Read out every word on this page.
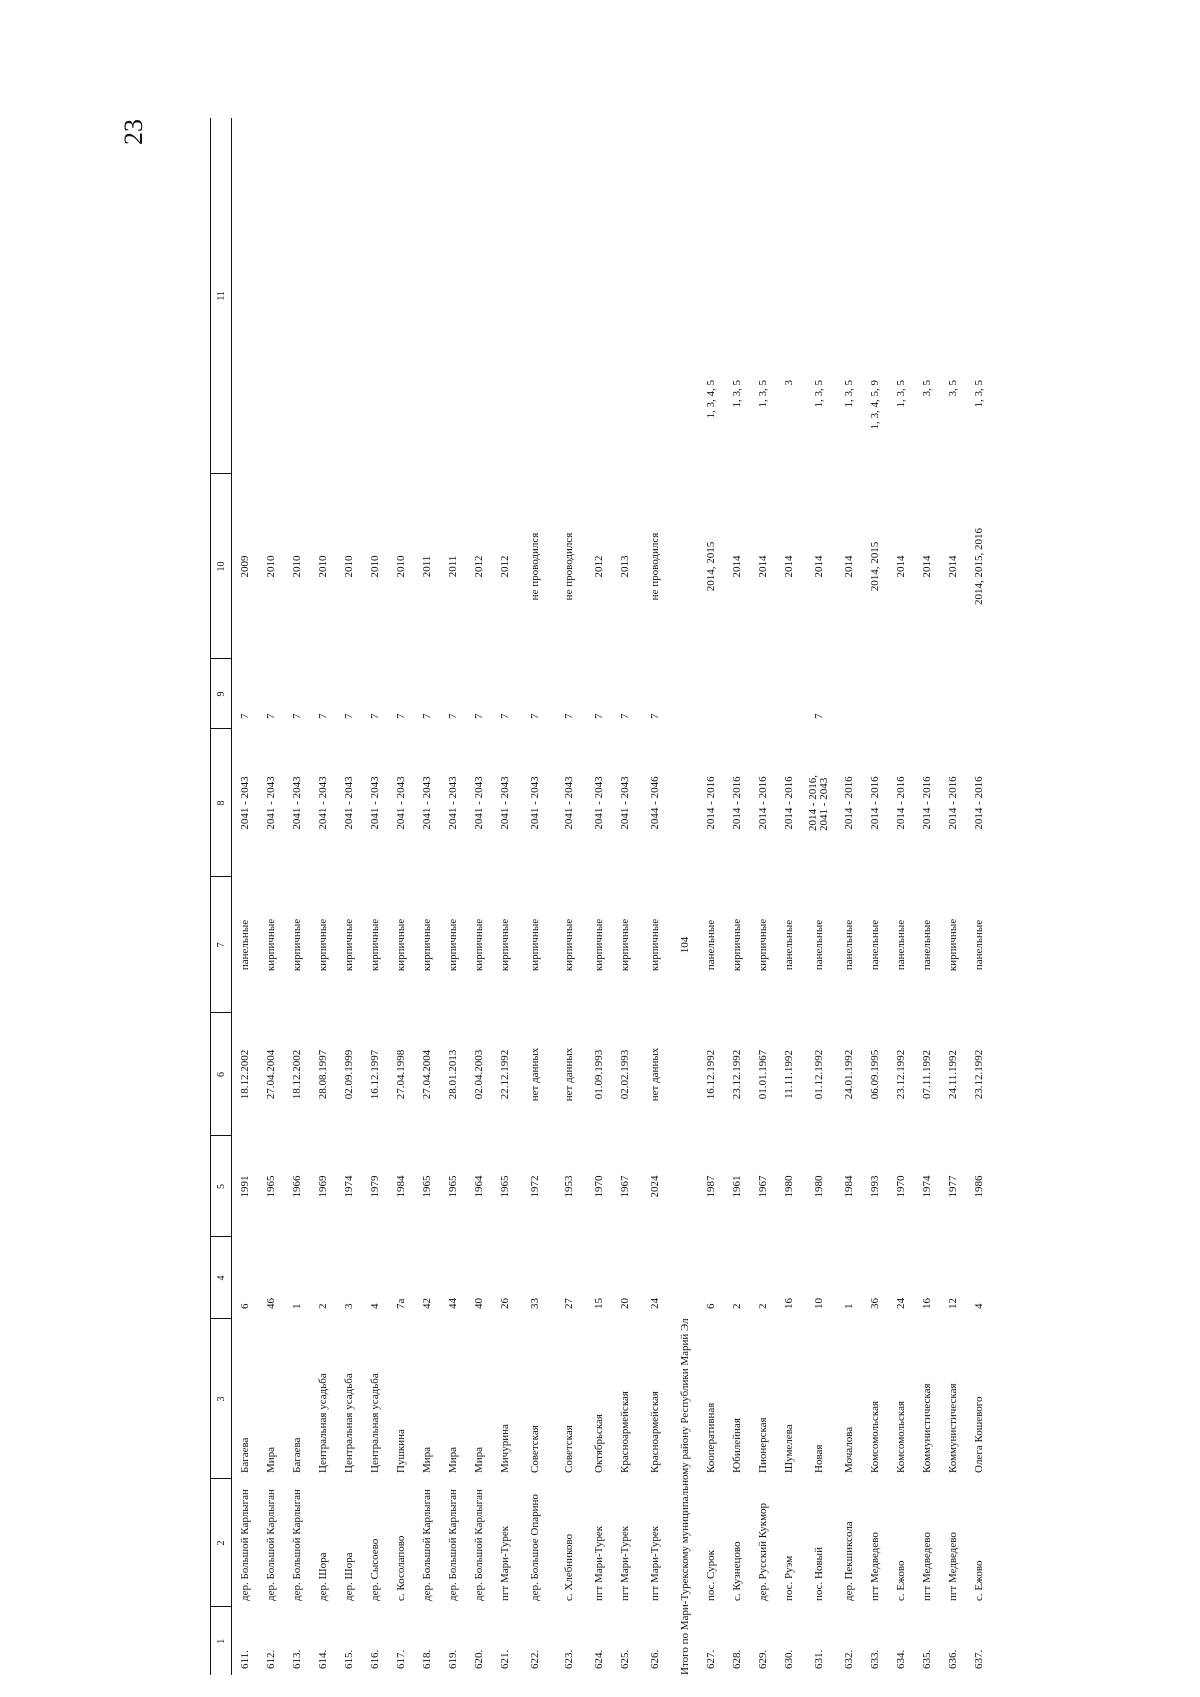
23
1	2	3	4	5	6	7	8	9	10	11
611.	дер. Большой Карлыган	Багаева	6	1991	18.12.2002	панельные	2041 - 2043	7	2009	
612.	дер. Большой Карлыган	Мира	46	1965	27.04.2004	кирпичные	2041 - 2043	7	2010	
613.	дер. Большой Карлыган	Багаева	1	1966	18.12.2002	кирпичные	2041 - 2043	7	2010	
614.	дер. Шора	Центральная усадьба	2	1969	28.08.1997	кирпичные	2041 - 2043	7	2010	
615.	дер. Шора	Центральная усадьба	3	1974	02.09.1999	кирпичные	2041 - 2043	7	2010	
616.	дер. Сысоево	Центральная усадьба	4	1979	16.12.1997	кирпичные	2041 - 2043	7	2010	
617.	с. Косолапово	Пушкина	7а	1984	27.04.1998	кирпичные	2041 - 2043	7	2010	
618.	дер. Большой Карлыган	Мира	42	1965	27.04.2004	кирпичные	2041 - 2043	7	2011	
619.	дер. Большой Карлыган	Мира	44	1965	28.01.2013	кирпичные	2041 - 2043	7	2011	
620.	дер. Большой Карлыган	Мира	40	1964	02.04.2003	кирпичные	2041 - 2043	7	2012	
621.	пгт Мари-Турек	Мичурина	26	1965	22.12.1992	кирпичные	2041 - 2043	7	2012	
622.	дер. Большое Опарино	Советская	33	1972	нет данных	кирпичные	2041 - 2043	7	не проводился	
623.	с. Хлебниково	Советская	27	1953	нет данных	кирпичные	2041 - 2043	7	не проводился	
624.	пгт Мари-Турек	Октябрьская	15	1970	01.09.1993	кирпичные	2041 - 2043	7	2012	
625.	пгт Мари-Турек	Красноармейская	20	1967	02.02.1993	кирпичные	2041 - 2043	7	2013	
626.	пгт Мари-Турек	Красноармейская	24	2024	нет данных	кирпичные	2044 - 2046	7	не проводился	
Итого по Мари-Турекскому муниципальному району Республики Марий Эл						104				
627.	пос. Сурок	Кооперативная	6	1987	16.12.1992	панельные	2014 - 2016		2014, 2015	1, 3, 4, 5
628.	с. Кузнецово	Юбилейная	2	1961	23.12.1992	кирпичные	2014 - 2016		2014	1, 3, 5
629.	дер. Русский Кукмор	Пионерская	2	1967	01.01.1967	кирпичные	2014 - 2016		2014	1, 3, 5
630.	пос. Руэм	Шумелева	16	1980	11.11.1992	панельные	2014 - 2016		2014	3
631.	пос. Новый	Новая	10	1980	01.12.1992	панельные	2014 - 2016, 2041 - 2043	7	2014	1, 3, 5
632.	дер. Пекшиксола	Мочалова	1	1984	24.01.1992	панельные	2014 - 2016		2014	1, 3, 5
633.	пгт Медведево	Комсомольская	36	1993	06.09.1995	панельные	2014 - 2016		2014, 2015	1, 3, 4, 5, 9
634.	с. Ежово	Комсомольская	24	1970	23.12.1992	панельные	2014 - 2016		2014	1, 3, 5
635.	пгт Медведево	Коммунистическая	16	1974	07.11.1992	панельные	2014 - 2016		2014	3, 5
636.	пгт Медведево	Коммунистическая	12	1977	24.11.1992	кирпичные	2014 - 2016		2014	3, 5
637.	с. Ежово	Олега Кошевого	4	1986	23.12.1992	панельные	2014 - 2016		2014, 2015, 2016	1, 3, 5
